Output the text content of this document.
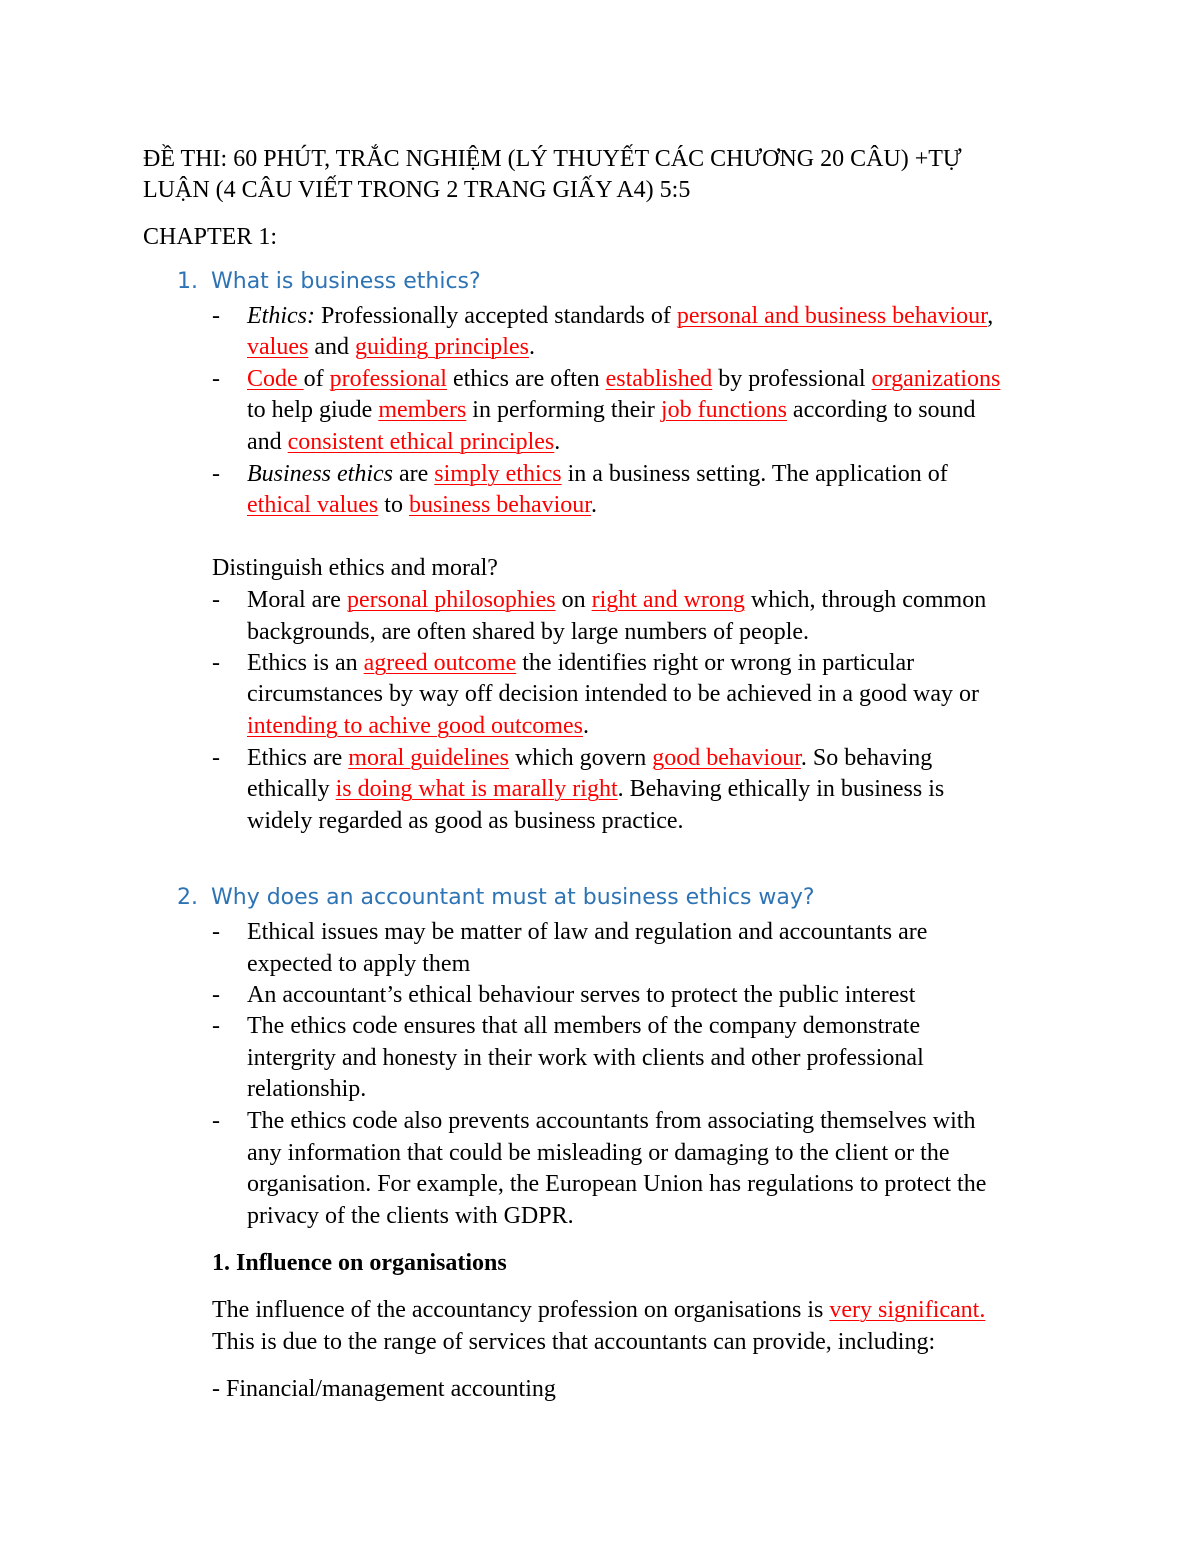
ĐỀ THI: 60 PHÚT, TRẮC NGHIỆM (LÝ THUYẾT CÁC CHƯƠNG 20 CÂU) +TỰ
LUẬN (4 CÂU VIẾT TRONG 2 TRANG GIẤY A4) 5:5
CHAPTER 1:
1. What is business ethics?
- Ethics: Professionally accepted standards of personal and business behaviour,
values and guiding principles.
- Code of professional ethics are often established by professional organizations
to help giude members in performing their job functions according to sound
and consistent ethical principles.
- Business ethics are simply ethics in a business setting. The application of
ethical values to business behaviour.
Distinguish ethics and moral?
- Moral are personal philosophies on right and wrong which, through common
backgrounds, are often shared by large numbers of people.
- Ethics is an agreed outcome the identifies right or wrong in particular
circumstances by way off decision intended to be achieved in a good way or
intending to achive good outcomes.
- Ethics are moral guidelines which govern good behaviour. So behaving
ethically is doing what is marally right. Behaving ethically in business is
widely regarded as good as business practice.
2. Why does an accountant must at business ethics way?
- Ethical issues may be matter of law and regulation and accountants are
expected to apply them
- An accountant’s ethical behaviour serves to protect the public interest
- The ethics code ensures that all members of the company demonstrate
intergrity and honesty in their work with clients and other professional
relationship.
- The ethics code also prevents accountants from associating themselves with
any information that could be misleading or damaging to the client or the
organisation. For example, the European Union has regulations to protect the
privacy of the clients with GDPR.
1. Influence on organisations
The influence of the accountancy profession on organisations is very significant.
This is due to the range of services that accountants can provide, including:
- Financial/management accounting
